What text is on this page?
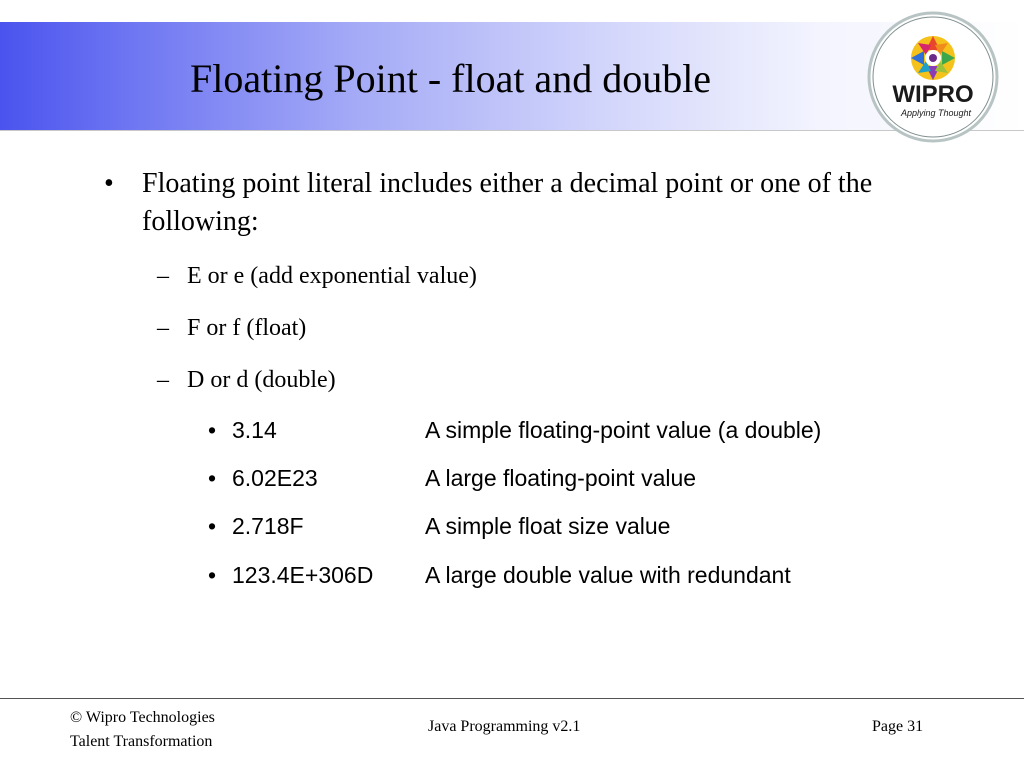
Floating Point - float and double	WIPRO
Applying Thought
• Floating point literal includes either a decimal point or one of the following:
– E or e (add exponential value)
– F or f (float)
– D or d (double)
• 3.14	A simple floating-point value (a double)
• 6.02E23	A large floating-point value
• 2.718F	A simple float size value
• 123.4E+306D A large double value with redundant
© Wipro Technologies
Talent Transformation
Java Programming v2.1	Page 31
